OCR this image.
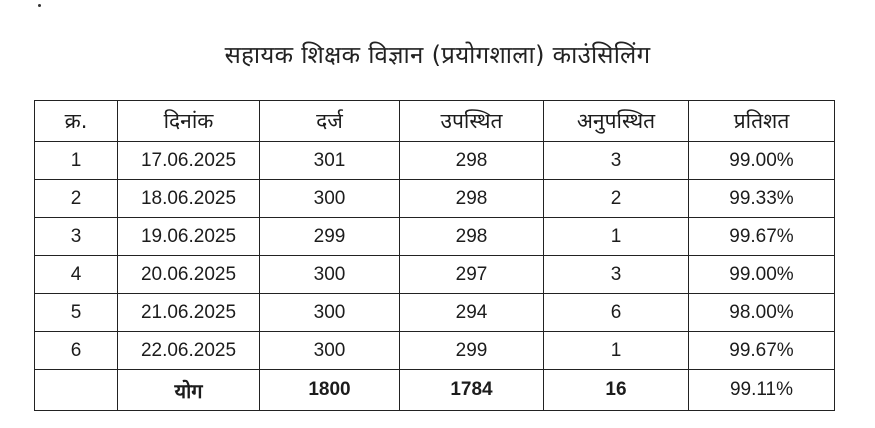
सहायक शिक्षक विज्ञान (प्रयोगशाला) काउंसिलिंग
क्र.	दिनांक	दर्ज	उपस्थित	अनुपस्थित	प्रतिशत
1	17.06.2025	301	298	3	99.00%
2	18.06.2025	300	298	2	99.33%
3	19.06.2025	299	298	1	99.67%
4	20.06.2025	300	297	3	99.00%
5	21.06.2025	300	294	6	98.00%
6	22.06.2025	300	299	1	99.67%
	योग	1800	1784	16	99.11%
